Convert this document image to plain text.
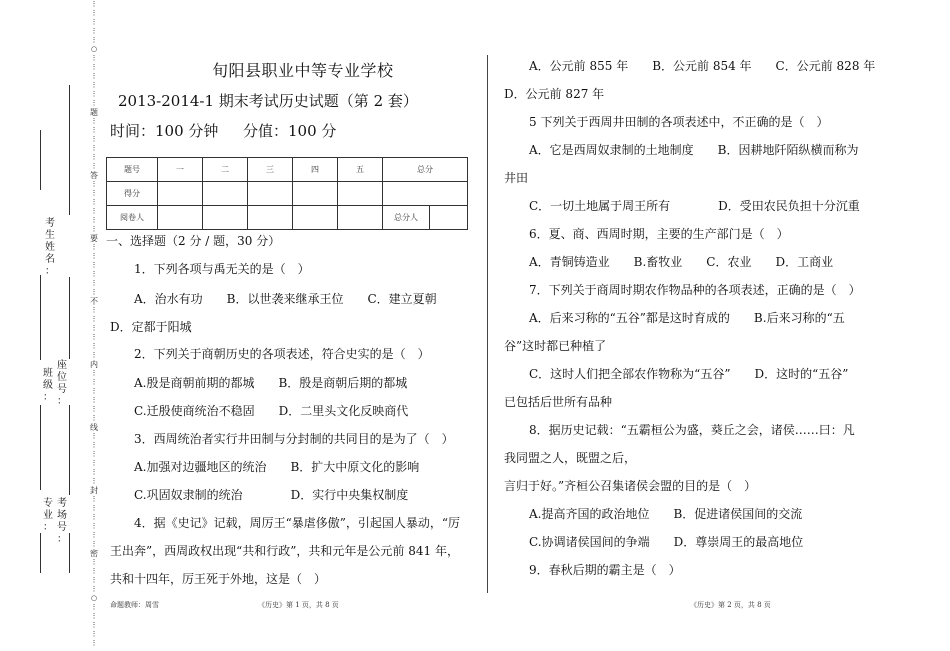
⋮
⋮
⋮
⋮
⋮
○
⋮
⋮
⋮
⋮
⋮
⋮
题
⋮
⋮
⋮
⋮
⋮
⋮
答
⋮
⋮
⋮
⋮
⋮
⋮
要
⋮
⋮
⋮
⋮
⋮
⋮
不
⋮
⋮
⋮
⋮
⋮
⋮
内
⋮
⋮
⋮
⋮
⋮
⋮
线
⋮
⋮
⋮
⋮
⋮
⋮
封
⋮
⋮
⋮
⋮
⋮
⋮
密
⋮
⋮
⋮
⋮
○
⋮
⋮
⋮
⋮
⋮
考
生
姓
名
：
座
位
号
：
班
级
：
考
场
号
：
专
业
：
旬阳县职业中等专业学校
2013-2014-1 期末考试历史试题（第 2 套）
时间：100 分钟 分值：100 分
题号	一	二	三	四	五	总分	
得分							
阅卷人						总分人	
一、选择题（2 分 / 题，30 分）
1．下列各项与禹无关的是（　）
A．治水有功　　B．以世袭来继承王位　　C．建立夏朝
D．定都于阳城
2．下列关于商朝历史的各项表述，符合史实的是（　）
A.殷是商朝前期的都城　　B．殷是商朝后期的都城
C.迁殷使商统治不稳固　　D．二里头文化反映商代
3．西周统治者实行井田制与分封制的共同目的是为了（　）
A.加强对边疆地区的统治　　B．扩大中原文化的影响
C.巩固奴隶制的统治　　　　D．实行中央集权制度
4．据《史记》记载，周厉王“暴虐侈傲”，引起国人暴动，“厉
王出奔”，西周政权出现“共和行政”，共和元年是公元前 841 年，
共和十四年，厉王死于外地，这是（　）
A．公元前 855 年　　B．公元前 854 年　　C．公元前 828 年
D．公元前 827 年
5 下列关于西周井田制的各项表述中，不正确的是（　）
A．它是西周奴隶制的土地制度　　B．因耕地阡陌纵横而称为
井田
C．一切土地属于周王所有　　　　D．受田农民负担十分沉重
6．夏、商、西周时期，主要的生产部门是（　）
A．青铜铸造业　　B.畜牧业　　C．农业　　D．工商业
7．下列关于商周时期农作物品种的各项表述，正确的是（　）
A．后来习称的“五谷”都是这时育成的　　B.后来习称的“五
谷”这时都已种植了
C．这时人们把全部农作物称为“五谷”　　D．这时的“五谷”
已包括后世所有品种
8．据历史记载：“五霸桓公为盛，葵丘之会，诸侯……曰：凡
我同盟之人，既盟之后，
言归于好。”齐桓公召集诸侯会盟的目的是（　）
A.提高齐国的政治地位　　B．促进诸侯国间的交流
C.协调诸侯国间的争端　　D．尊崇周王的最高地位
9．春秋后期的霸主是（　）
命题教师：周雪	《历史》第 1 页，共 8 页	《历史》第 2 页，共 8 页
